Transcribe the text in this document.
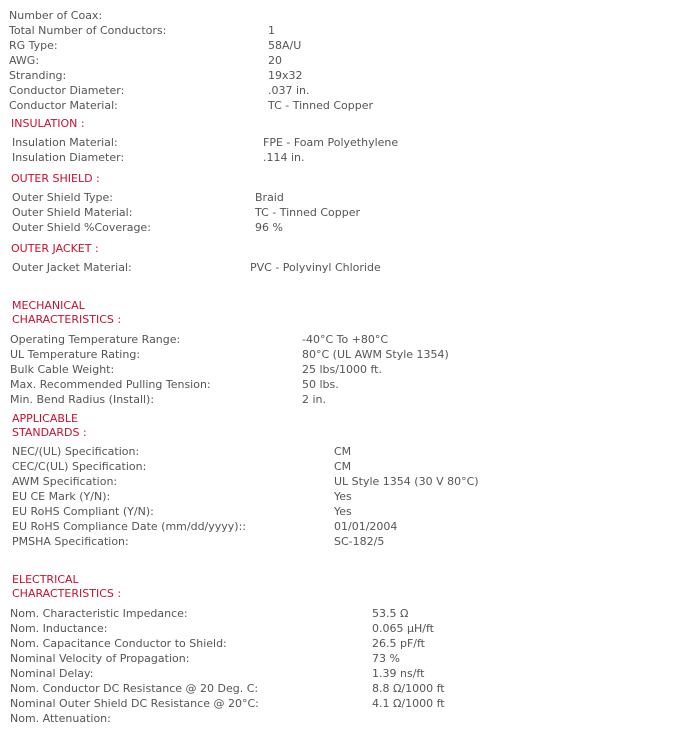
Number of Coax:
Total Number of Conductors:	1
RG Type:	58A/U
AWG:	20
Stranding:	19x32
Conductor Diameter:	.037 in.
Conductor Material:	TC - Tinned Copper
INSULATION :
Insulation Material:	FPE - Foam Polyethylene
Insulation Diameter:	.114 in.
OUTER SHIELD :
Outer Shield Type:	Braid
Outer Shield Material:	TC - Tinned Copper
Outer Shield %Coverage:	96 %
OUTER JACKET :
Outer Jacket Material:	PVC - Polyvinyl Chloride
MECHANICAL
CHARACTERISTICS :
Operating Temperature Range:	-40°C To +80°C
UL Temperature Rating:	80°C (UL AWM Style 1354)
Bulk Cable Weight:	25 lbs/1000 ft.
Max. Recommended Pulling Tension:	50 lbs.
Min. Bend Radius (Install):	2 in.
APPLICABLE
STANDARDS :
NEC/(UL) Specification:	CM
CEC/C(UL) Specification:	CM
AWM Specification:	UL Style 1354 (30 V 80°C)
EU CE Mark (Y/N):	Yes
EU RoHS Compliant (Y/N):	Yes
EU RoHS Compliance Date (mm/dd/yyyy)::	01/01/2004
PMSHA Specification:	SC-182/5
ELECTRICAL
CHARACTERISTICS :
Nom. Characteristic Impedance:	53.5 Ω
Nom. Inductance:	0.065 µH/ft
Nom. Capacitance Conductor to Shield:	26.5 pF/ft
Nominal Velocity of Propagation:	73 %
Nominal Delay:	1.39 ns/ft
Nom. Conductor DC Resistance @ 20 Deg. C:	8.8 Ω/1000 ft
Nominal Outer Shield DC Resistance @ 20°C:	4.1 Ω/1000 ft
Nom. Attenuation:
